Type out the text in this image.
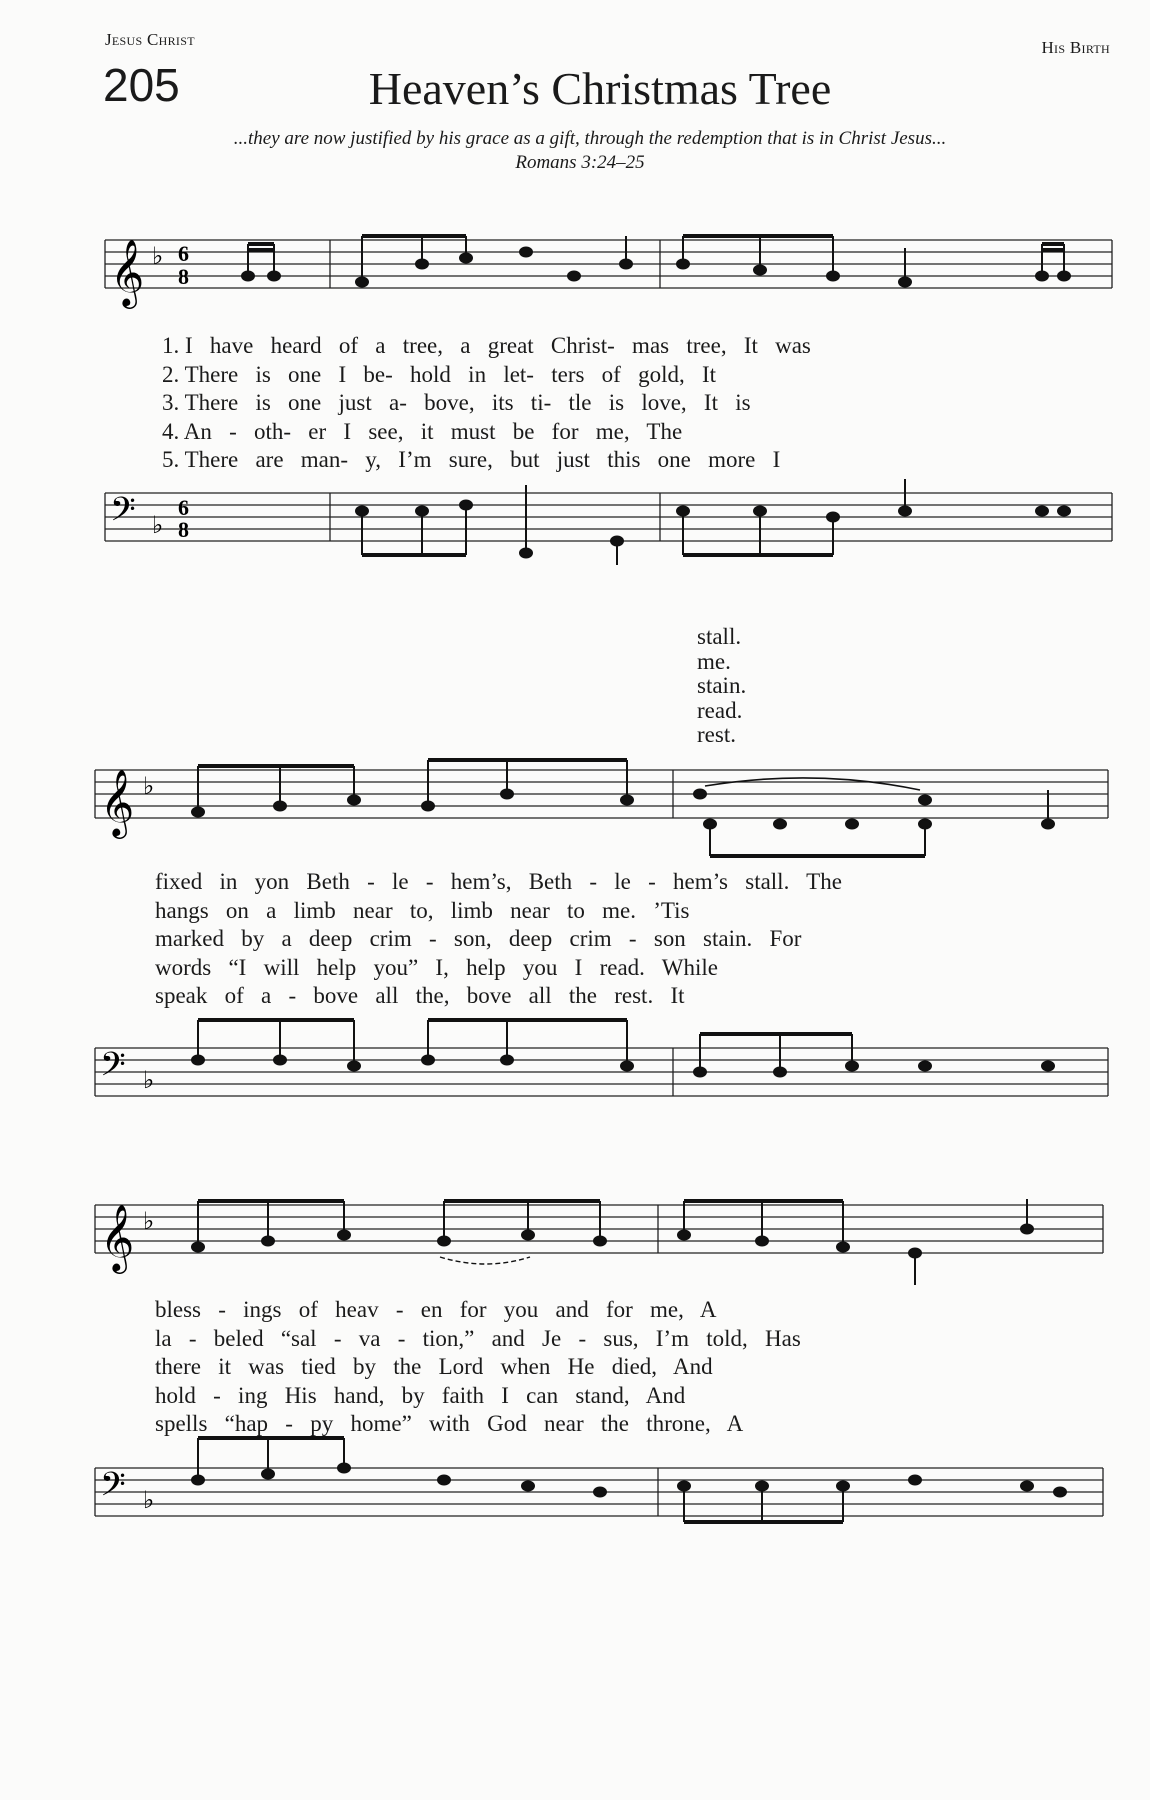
Jesus Christ	His Birth
205	Heaven’s Christmas Tree
...they are now justified by his grace as a gift, through the redemption that is in Christ Jesus...
Romans 3:24–25
𝄞 ♭ 6
8
1. I   have   heard   of   a   tree,   a   great   Christ-   mas   tree,   It   was
2. There   is   one   I   be-   hold   in   let-   ters   of   gold,   It
3. There   is   one   just   a-   bove,   its   ti-   tle   is   love,   It   is
4. An   -   oth-   er   I   see,   it   must   be   for   me,   The
5. There   are   man-   y,   I’m   sure,   but   just   this   one   more   I
𝄢 ♭
6
8
stall.
me.
stain.
read.
rest.
𝄞 ♭
fixed   in   yon   Beth   -   le   -   hem’s,   Beth   -   le   -   hem’s   stall.   The
hangs   on   a   limb   near   to,   limb   near   to   me.   ’Tis
marked   by   a   deep   crim   -   son,   deep   crim   -   son   stain.   For
words   “I   will   help   you”   I,   help   you   I   read.   While
speak   of   a   -   bove   all   the,   bove   all   the   rest.   It
𝄢 ♭
𝄞 ♭
bless   -   ings   of   heav   -   en   for   you   and   for   me,   A
la   -   beled   “sal   -   va   -   tion,”   and   Je   -   sus,   I’m   told,   Has
there   it   was   tied   by   the   Lord   when   He   died,   And
hold   -   ing   His   hand,   by   faith   I   can   stand,   And
spells   “hap   -   py   home”   with   God   near   the   throne,   A
𝄢 ♭
